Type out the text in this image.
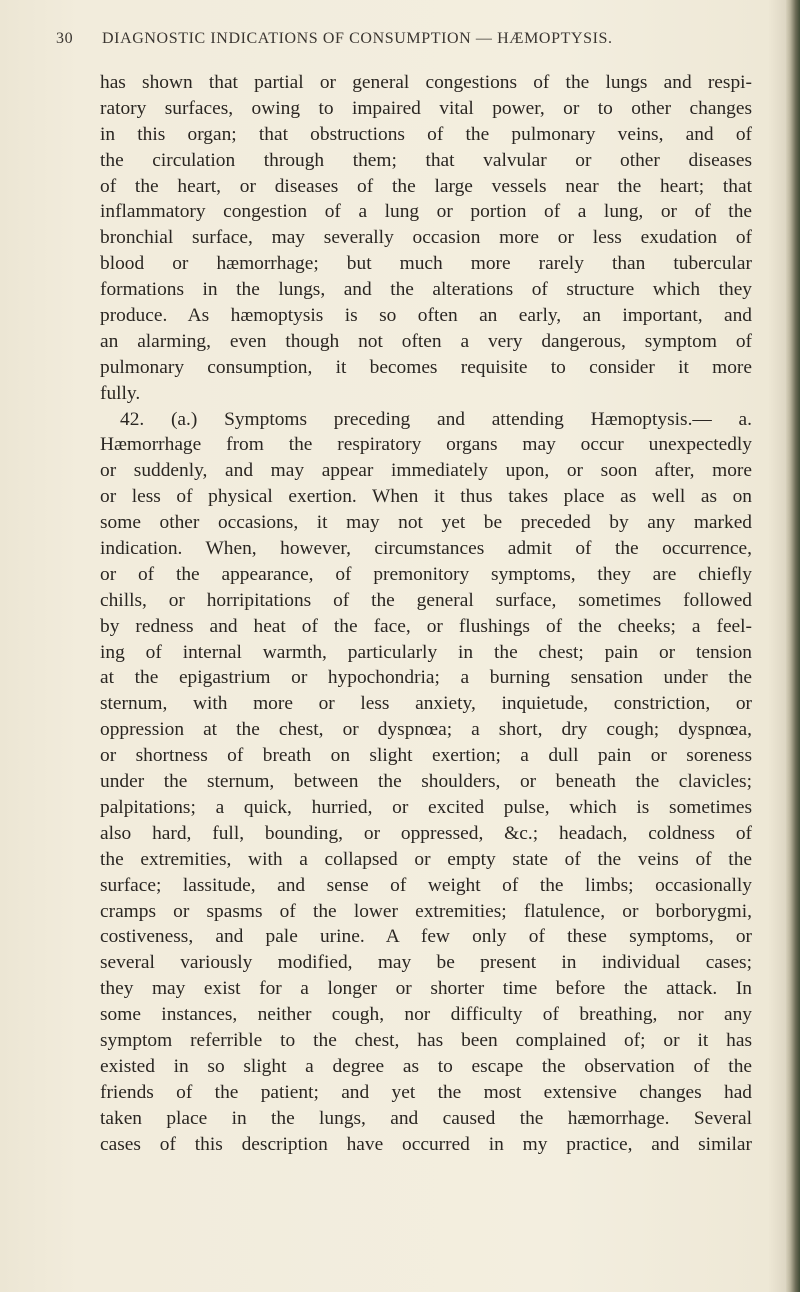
30 DIAGNOSTIC INDICATIONS OF CONSUMPTION — HÆMOPTYSIS.
has shown that partial or general congestions of the lungs and respi-
ratory surfaces, owing to impaired vital power, or to other changes
in this organ; that obstructions of the pulmonary veins, and of
the circulation through them; that valvular or other diseases
of the heart, or diseases of the large vessels near the heart; that
inflammatory congestion of a lung or portion of a lung, or of the
bronchial surface, may severally occasion more or less exudation of
blood or hæmorrhage; but much more rarely than tubercular
formations in the lungs, and the alterations of structure which they
produce. As hæmoptysis is so often an early, an important, and
an alarming, even though not often a very dangerous, symptom of
pulmonary consumption, it becomes requisite to consider it more
fully.
42. (a.) Symptoms preceding and attending Hæmoptysis.— a.
Hæmorrhage from the respiratory organs may occur unexpectedly
or suddenly, and may appear immediately upon, or soon after, more
or less of physical exertion. When it thus takes place as well as on
some other occasions, it may not yet be preceded by any marked
indication. When, however, circumstances admit of the occurrence,
or of the appearance, of premonitory symptoms, they are chiefly
chills, or horripitations of the general surface, sometimes followed
by redness and heat of the face, or flushings of the cheeks; a feel-
ing of internal warmth, particularly in the chest; pain or tension
at the epigastrium or hypochondria; a burning sensation under the
sternum, with more or less anxiety, inquietude, constriction, or
oppression at the chest, or dyspnœa; a short, dry cough; dyspnœa,
or shortness of breath on slight exertion; a dull pain or soreness
under the sternum, between the shoulders, or beneath the clavicles;
palpitations; a quick, hurried, or excited pulse, which is sometimes
also hard, full, bounding, or oppressed, &c.; headach, coldness of
the extremities, with a collapsed or empty state of the veins of the
surface; lassitude, and sense of weight of the limbs; occasionally
cramps or spasms of the lower extremities; flatulence, or borborygmi,
costiveness, and pale urine. A few only of these symptoms, or
several variously modified, may be present in individual cases;
they may exist for a longer or shorter time before the attack. In
some instances, neither cough, nor difficulty of breathing, nor any
symptom referrible to the chest, has been complained of; or it has
existed in so slight a degree as to escape the observation of the
friends of the patient; and yet the most extensive changes had
taken place in the lungs, and caused the hæmorrhage. Several
cases of this description have occurred in my practice, and similar
